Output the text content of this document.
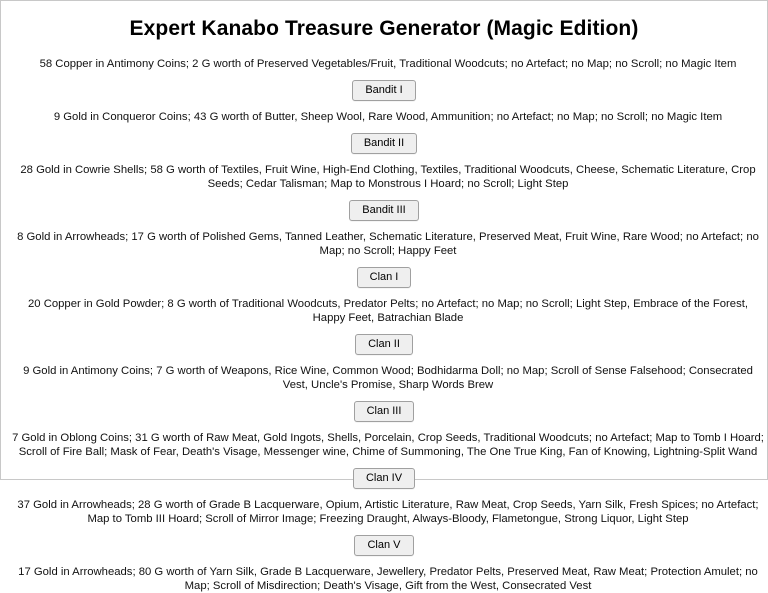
Expert Kanabo Treasure Generator (Magic Edition)
58 Copper in Antimony Coins; 2 G worth of Preserved Vegetables/Fruit, Traditional Woodcuts; no Artefact; no Map; no Scroll; no Magic Item
Bandit I
9 Gold in Conqueror Coins; 43 G worth of Butter, Sheep Wool, Rare Wood, Ammunition; no Artefact; no Map; no Scroll; no Magic Item
Bandit II
28 Gold in Cowrie Shells; 58 G worth of Textiles, Fruit Wine, High-End Clothing, Textiles, Traditional Woodcuts, Cheese, Schematic Literature, Crop Seeds; Cedar Talisman; Map to Monstrous I Hoard; no Scroll; Light Step
Bandit III
8 Gold in Arrowheads; 17 G worth of Polished Gems, Tanned Leather, Schematic Literature, Preserved Meat, Fruit Wine, Rare Wood; no Artefact; no Map; no Scroll; Happy Feet
Clan I
20 Copper in Gold Powder; 8 G worth of Traditional Woodcuts, Predator Pelts; no Artefact; no Map; no Scroll; Light Step, Embrace of the Forest, Happy Feet, Batrachian Blade
Clan II
9 Gold in Antimony Coins; 7 G worth of Weapons, Rice Wine, Common Wood; Bodhidarma Doll; no Map; Scroll of Sense Falsehood; Consecrated Vest, Uncle's Promise, Sharp Words Brew
Clan III
7 Gold in Oblong Coins; 31 G worth of Raw Meat, Gold Ingots, Shells, Porcelain, Crop Seeds, Traditional Woodcuts; no Artefact; Map to Tomb I Hoard; Scroll of Fire Ball; Mask of Fear, Death's Visage, Messenger wine, Chime of Summoning, The One True King, Fan of Knowing, Lightning-Split Wand
Clan IV
37 Gold in Arrowheads; 28 G worth of Grade B Lacquerware, Opium, Artistic Literature, Raw Meat, Crop Seeds, Yarn Silk, Fresh Spices; no Artefact; Map to Tomb III Hoard; Scroll of Mirror Image; Freezing Draught, Always-Bloody, Flametongue, Strong Liquor, Light Step
Clan V
17 Gold in Arrowheads; 80 G worth of Yarn Silk, Grade B Lacquerware, Jewellery, Predator Pelts, Preserved Meat, Raw Meat; Protection Amulet; no Map; Scroll of Misdirection; Death's Visage, Gift from the West, Consecrated Vest
